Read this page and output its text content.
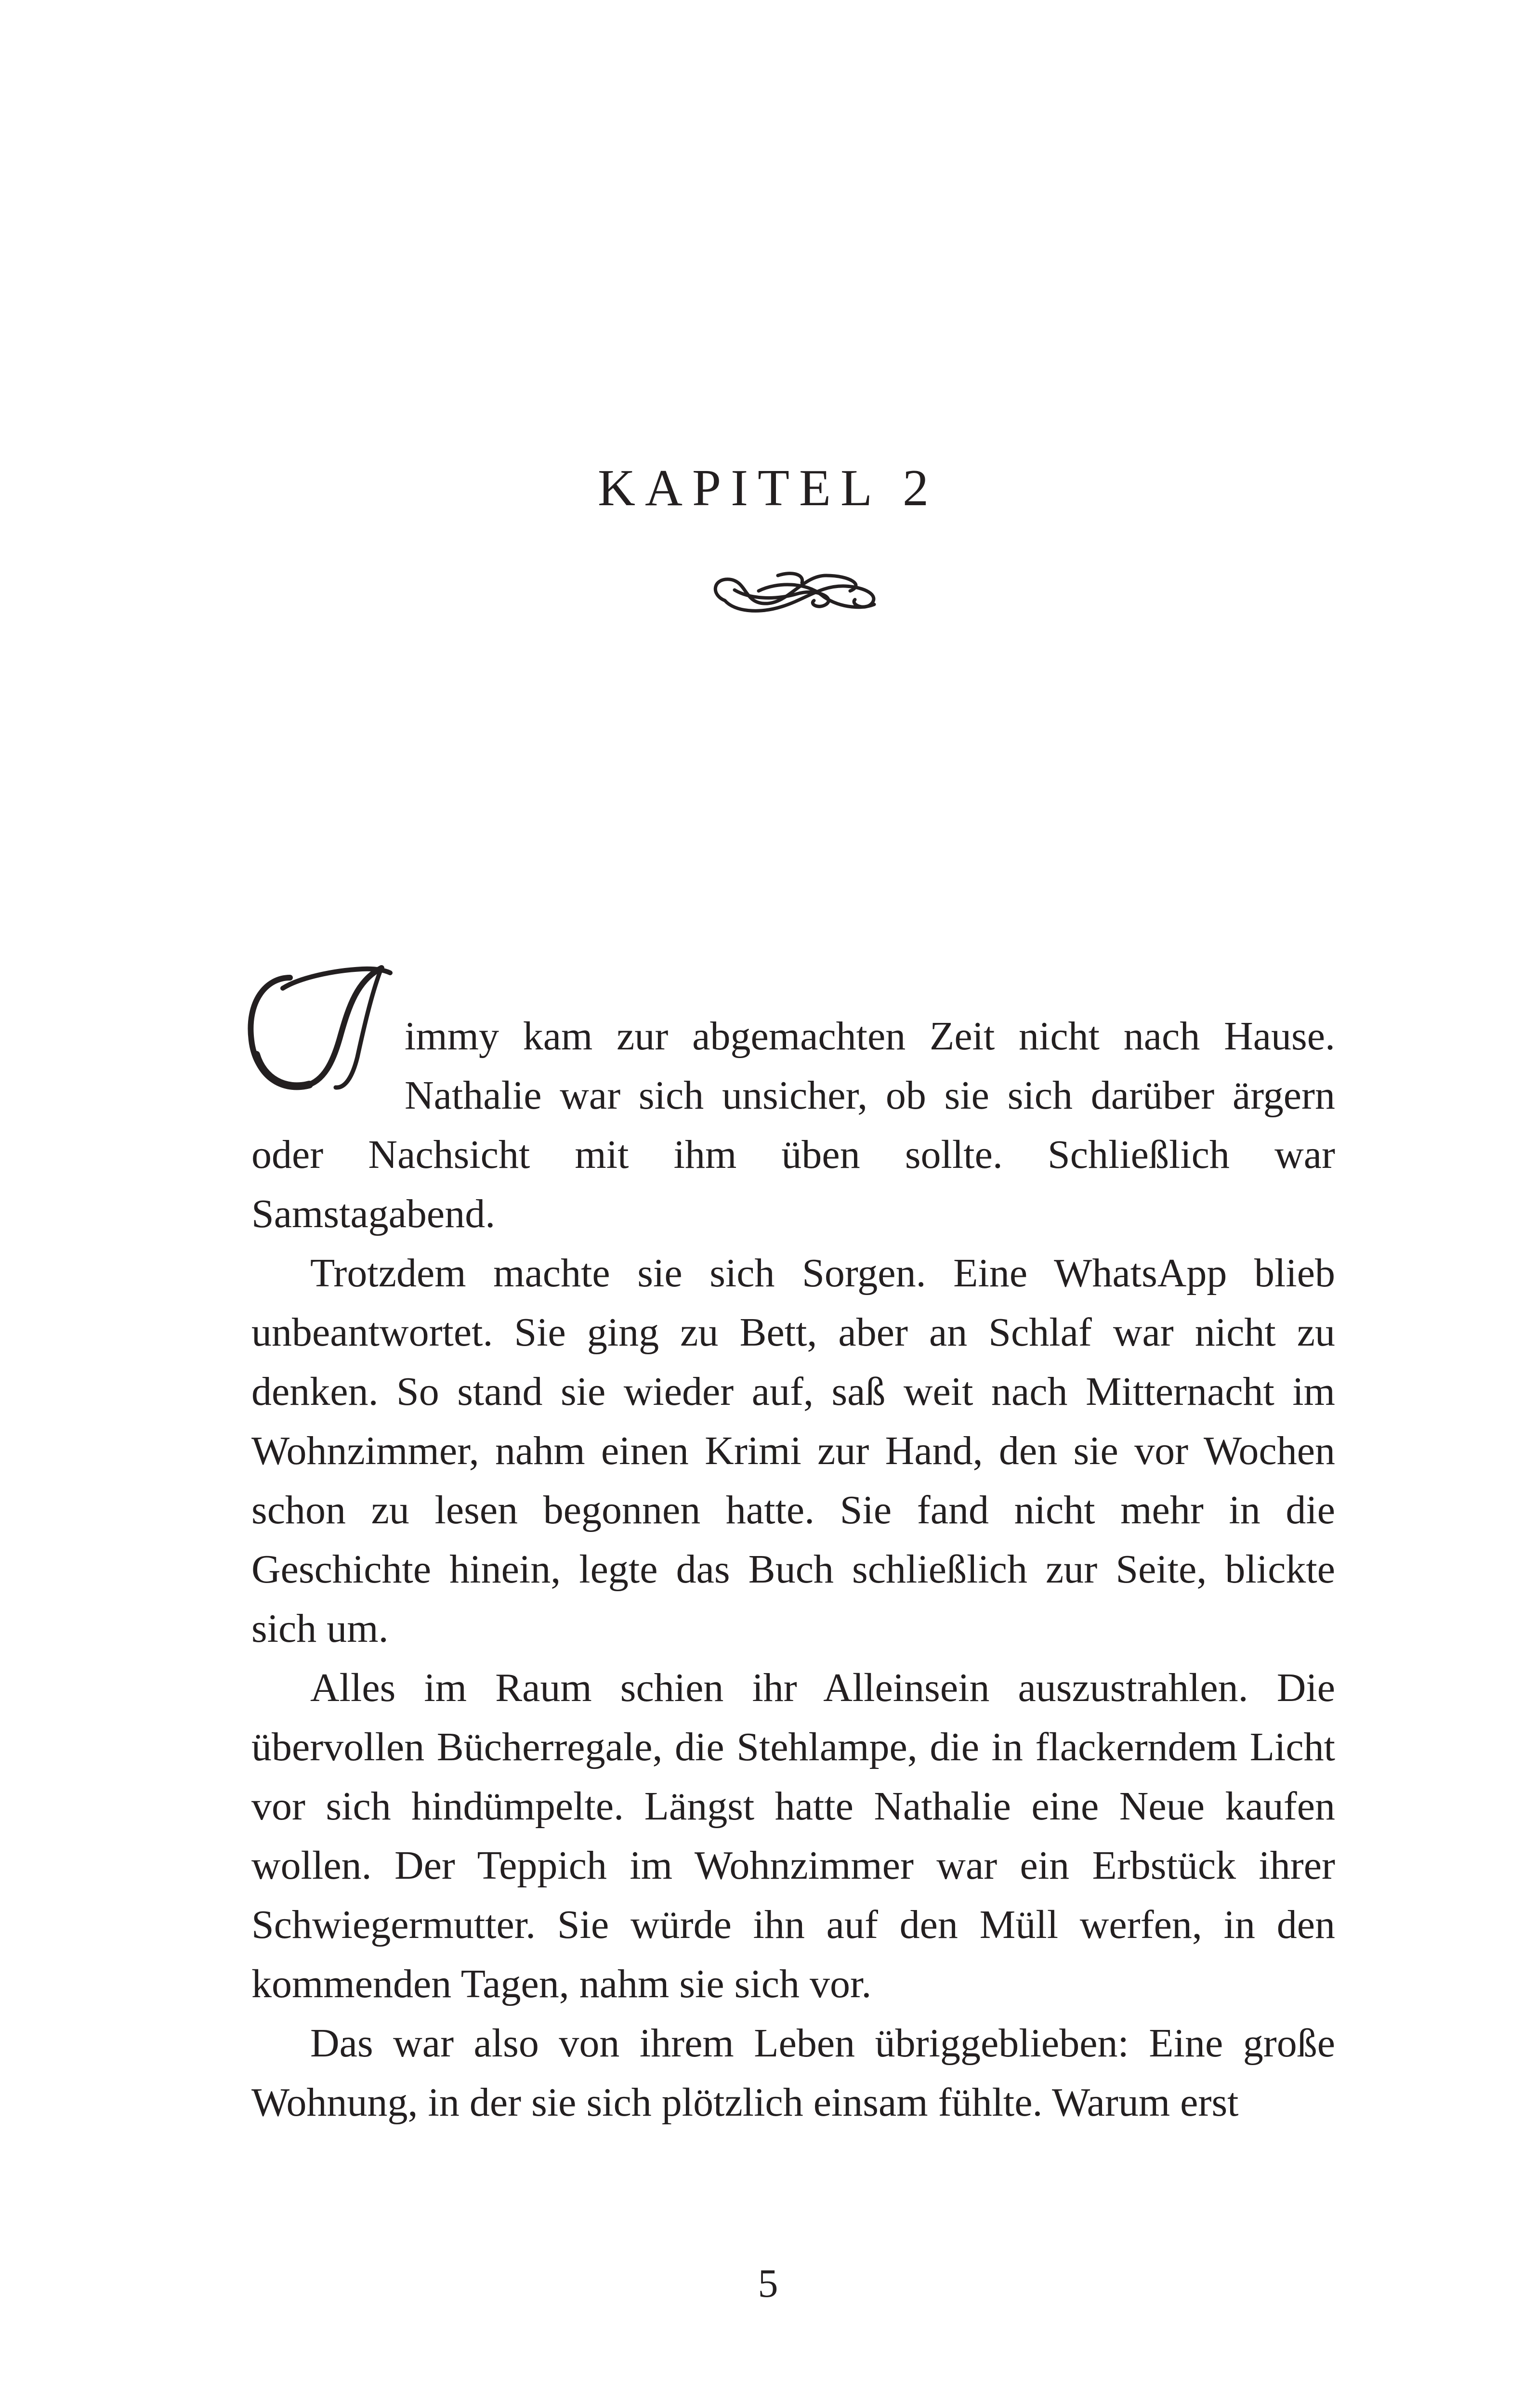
KAPITEL 2

immy kam zur abgemachten Zeit nicht nach Hause. Nathalie war sich unsicher, ob sie sich darüber ärgern oder Nachsicht mit ihm üben sollte. Schließlich war Samstagabend.

Trotzdem machte sie sich Sorgen. Eine WhatsApp blieb unbeantwortet. Sie ging zu Bett, aber an Schlaf war nicht zu denken. So stand sie wieder auf, saß weit nach Mitternacht im Wohnzimmer, nahm einen Krimi zur Hand, den sie vor Wochen schon zu lesen begonnen hatte. Sie fand nicht mehr in die Geschichte hinein, legte das Buch schließlich zur Seite, blickte sich um.

Alles im Raum schien ihr Alleinsein auszustrahlen. Die übervollen Bücherregale, die Stehlampe, die in flackerndem Licht vor sich hindümpelte. Längst hatte Nathalie eine Neue kaufen wollen. Der Teppich im Wohnzimmer war ein Erbstück ihrer Schwiegermutter. Sie würde ihn auf den Müll werfen, in den kommenden Tagen, nahm sie sich vor.

Das war also von ihrem Leben übriggeblieben: Eine große Wohnung, in der sie sich plötzlich einsam fühlte. Warum erst

5
